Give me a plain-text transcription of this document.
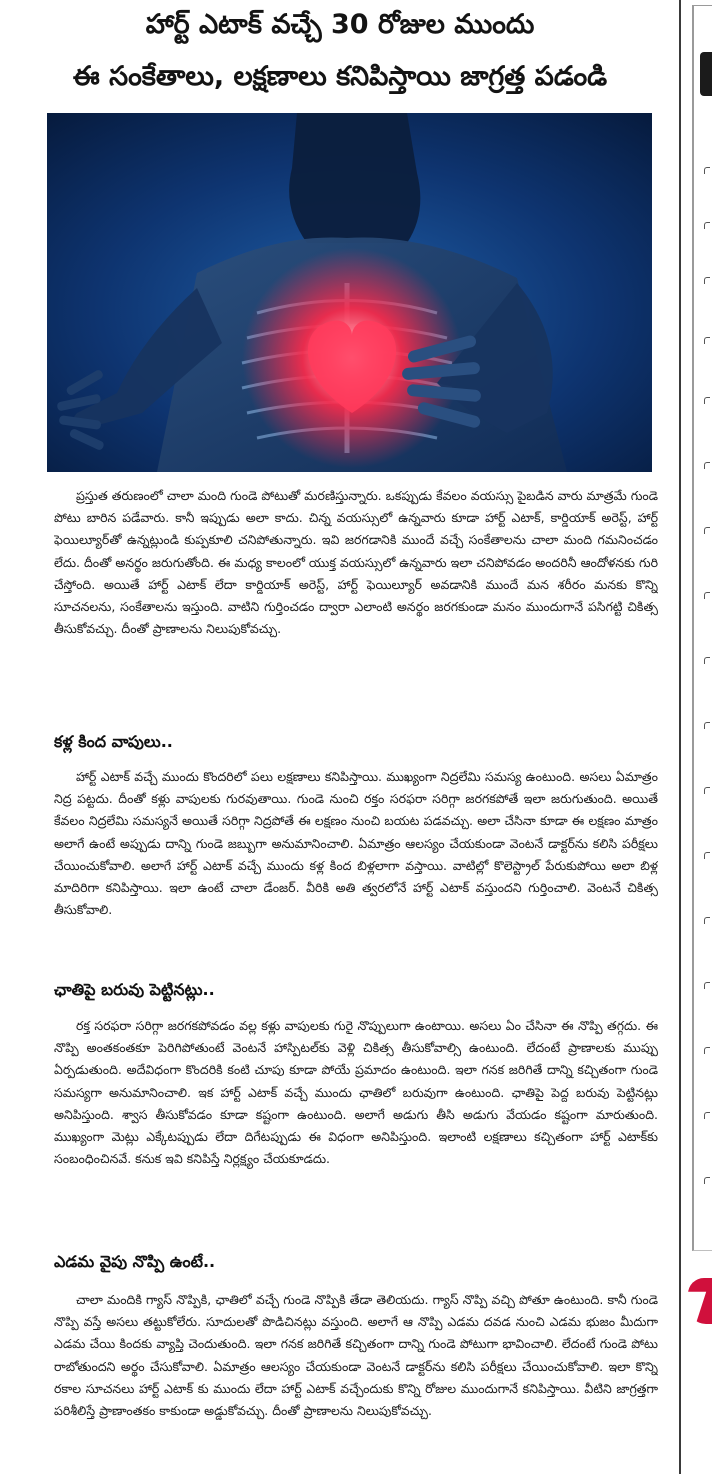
హార్ట్ ఎటాక్ వచ్చే 30 రోజుల ముందు
ఈ సంకేతాలు, లక్షణాలు కనిపిస్తాయి జాగ్రత్త పడండి

ప్రస్తుత తరుణంలో చాలా మంది గుండె పోటుతో మరణిస్తున్నారు. ఒకప్పుడు కేవలం వయస్సు పైబడిన వారు మాత్రమే గుండె పోటు బారిన పడేవారు. కానీ ఇప్పుడు అలా కాదు. చిన్న వయస్సులో ఉన్నవారు కూడా హార్ట్ ఎటాక్, కార్డియాక్ అరెస్ట్, హార్ట్ ఫెయిల్యూర్‌తో ఉన్నట్లుండి కుప్పకూలి చనిపోతున్నారు. ఇవి జరగడానికి ముందే వచ్చే సంకేతాలను చాలా మంది గమనించడం లేదు. దీంతో అనర్థం జరుగుతోంది. ఈ మధ్య కాలంలో యుక్త వయస్సులో ఉన్నవారు ఇలా చనిపోవడం అందరినీ ఆందోళనకు గురి చేస్తోంది. అయితే హార్ట్ ఎటాక్ లేదా కార్డియాక్ అరెస్ట్, హార్ట్ ఫెయిల్యూర్ అవడానికి ముందే మన శరీరం మనకు కొన్ని సూచనలను, సంకేతాలను ఇస్తుంది. వాటిని గుర్తించడం ద్వారా ఎలాంటి అనర్థం జరగకుండా మనం ముందుగానే పసిగట్టి చికిత్స తీసుకోవచ్చు. దీంతో ప్రాణాలను నిలుపుకోవచ్చు.

కళ్ల కింద వాపులు..

హార్ట్ ఎటాక్ వచ్చే ముందు కొందరిలో పలు లక్షణాలు కనిపిస్తాయి. ముఖ్యంగా నిద్రలేమి సమస్య ఉంటుంది. అసలు ఏమాత్రం నిద్ర పట్టదు. దీంతో కళ్లు వాపులకు గురవుతాయి. గుండె నుంచి రక్తం సరఫరా సరిగ్గా జరగకపోతే ఇలా జరుగుతుంది. అయితే కేవలం నిద్రలేమి సమస్యనే అయితే సరిగ్గా నిద్రపోతే ఈ లక్షణం నుంచి బయట పడవచ్చు. అలా చేసినా కూడా ఈ లక్షణం మాత్రం అలాగే ఉంటే అప్పుడు దాన్ని గుండె జబ్బుగా అనుమానించాలి. ఏమాత్రం ఆలస్యం చేయకుండా వెంటనే డాక్టర్‌ను కలిసి పరీక్షలు చేయించుకోవాలి. అలాగే హార్ట్ ఎటాక్ వచ్చే ముందు కళ్ల కింద బిళ్లలాగా వస్తాయి. వాటిల్లో కొలెస్ట్రాల్ పేరుకుపోయి అలా బిళ్ల మాదిరిగా కనిపిస్తాయి. ఇలా ఉంటే చాలా డేంజర్. వీరికి అతి త్వరలోనే హార్ట్ ఎటాక్ వస్తుందని గుర్తించాలి. వెంటనే చికిత్స తీసుకోవాలి.

ఛాతిపై బరువు పెట్టినట్లు..

రక్త సరఫరా సరిగ్గా జరగకపోవడం వల్ల కళ్లు వాపులకు గురై నొప్పులుగా ఉంటాయి. అసలు ఏం చేసినా ఈ నొప్పి తగ్గదు. ఈ నొప్పి అంతకంతకూ పెరిగిపోతుంటే వెంటనే హాస్పిటల్‌కు వెళ్లి చికిత్స తీసుకోవాల్సి ఉంటుంది. లేదంటే ప్రాణాలకు ముప్పు ఏర్పడుతుంది. అదేవిధంగా కొందరికి కంటి చూపు కూడా పోయే ప్రమాదం ఉంటుంది. ఇలా గనక జరిగితే దాన్ని కచ్చితంగా గుండె సమస్యగా అనుమానించాలి. ఇక హార్ట్ ఎటాక్ వచ్చే ముందు ఛాతిలో బరువుగా ఉంటుంది. ఛాతిపై పెద్ద బరువు పెట్టినట్లు అనిపిస్తుంది. శ్వాస తీసుకోవడం కూడా కష్టంగా ఉంటుంది. అలాగే అడుగు తీసి అడుగు వేయడం కష్టంగా మారుతుంది. ముఖ్యంగా మెట్లు ఎక్కేటప్పుడు లేదా దిగేటప్పుడు ఈ విధంగా అనిపిస్తుంది. ఇలాంటి లక్షణాలు కచ్చితంగా హార్ట్ ఎటాక్‌కు సంబంధించినవే. కనుక ఇవి కనిపిస్తే నిర్లక్ష్యం చేయకూడదు.

ఎడమ వైపు నొప్పి ఉంటే..

చాలా మందికి గ్యాస్ నొప్పికి, ఛాతిలో వచ్చే గుండె నొప్పికి తేడా తెలియదు. గ్యాస్ నొప్పి వచ్చి పోతూ ఉంటుంది. కానీ గుండె నొప్పి వస్తే అసలు తట్టుకోలేరు. సూదులతో పొడిచినట్లు వస్తుంది. అలాగే ఆ నొప్పి ఎడమ దవడ నుంచి ఎడమ భుజం మీదుగా ఎడమ చేయి కిందకు వ్యాప్తి చెందుతుంది. ఇలా గనక జరిగితే కచ్చితంగా దాన్ని గుండె పోటుగా భావించాలి. లేదంటే గుండె పోటు రాబోతుందని అర్థం చేసుకోవాలి. ఏమాత్రం ఆలస్యం చేయకుండా వెంటనే డాక్టర్‌ను కలిసి పరీక్షలు చేయించుకోవాలి. ఇలా కొన్ని రకాల సూచనలు హార్ట్ ఎటాక్ కు ముందు లేదా హార్ట్ ఎటాక్ వచ్చేందుకు కొన్ని రోజుల ముందుగానే కనిపిస్తాయి. వీటిని జాగ్రత్తగా పరిశీలిస్తే ప్రాణాంతకం కాకుండా అడ్డుకోవచ్చు. దీంతో ప్రాణాలను నిలుపుకోవచ్చు.
